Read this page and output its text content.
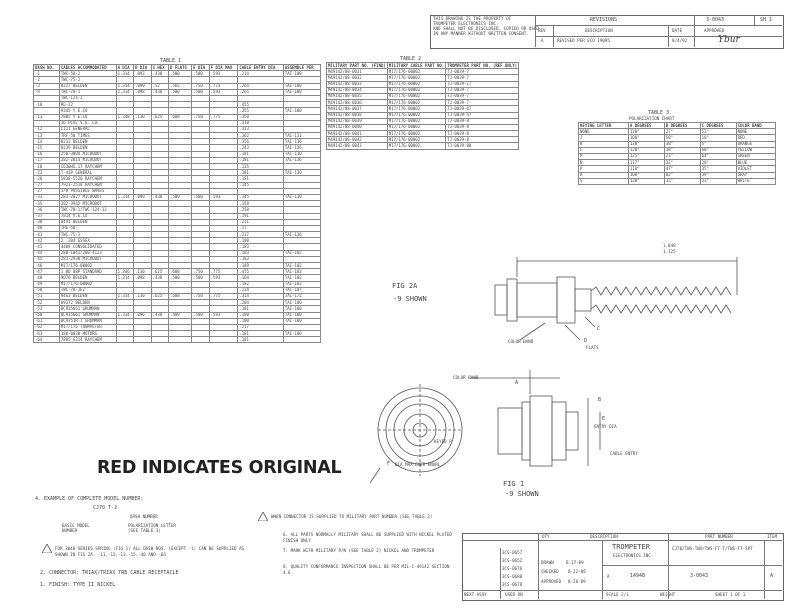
THIS DRAWING IS THE PROPERTY OF
TROMPETER ELECTRONICS INC.
AND SHALL NOT BE DISCLOSED, COPIED OR USED
IN ANY MANNER WITHOUT WRITTEN CONSENT.
REVISIONS	3-0043	SH 1
REV	DESCRIPTION	DATE	APPROVED
A	REVISED PER ECO 19095	8/4/92	Ybur
TABLE 1
DASH NO.	CABLES ACCOMMODATED	A DIA	B DIA	C HEX	D FLATS	E DIA	F DIA MAX	CABLE ENTRY DIA	ASSEMBLE PER
-1	TWC-50-2	1.314	.093	.438	.500	.500	.593	.214	TAI-100
-2	TWC-75-2								
-3	8227 BELDEN	1.314	.090	.52	.565	.750	.773	.264	TAI-100
-9	TWC-78-1	1.314	.098	.438	.500	.500	.593	.265	TAI-100
	TWC-124-2								
-10	RG-22							.455	
	9345 Y E.CO							.355	TAI-100
-11	7805 Y E.CO	1.348	.130	.625	.688	.750	.775	.350	
	16 PCVL V.E. CO.							.310	
-12	C111 GENERAL							.313	
-13	TRF-50 TIMES							.362	TAI-131
-14	8232 BELDEN							.356	TAI-136
-15	8239 BELDEN							.243	TAI-136
-16	250-3004 MICRODOT							.181	TAI-130
-17	282-2814 MICRODOT							.181	TAI-136
-18	C630H5.17 RAYCHEM							.135	
-23	T-43P GENERAL							.181	TAI-130
-26	5838-5520 RAYCHEM							.181	
-27	7923-2518 RAYCHEM							.145	
-27	1/8 POSSIBLE WAVES								
-33	283-2027 MICRODOT	1.314	.090	.438	.500	.500	.593	.145	TAI-130
-35	282-3942 MICRODOT							.158	
-36	TWC-78-1/TWC-124-13							.258	
-37	7814 V.E.CO							.191	
-38	8441 BELDEN							.211	
-40	TRE-50							.17	
-41	TWC-75-1							.217	TAI-136
-42	2 .204 ESSEX							.180	
-43	4409 CONSOLIDATED							.183	
-44	280-1041/280-4123							.183	TAI-102
-45	283-2930 MICRODOT							.183	
-46	M17/176-00002							.189	TAI-102
-47	1 0D 88P STANDARD	1.346	.130	.625	.688	.750	.775	.475	TAI-103
-48	9076 BELDEN	1.314	.098	.438	.500	.500	.593	.164	TAI-182
-49	M17/176-00002							.182	TAI-103
-50	TWC-78-1EZ							.134	TAI-107
-51	9463 BELDEN	1.314	.130	.625	.688	.750	.775	.314	TAI-172
-52	89372 BELDEN							.204	TAI-180
-53	BC935661 GRUMMAN							.181	TAI-180
-60	8C935661 GRUMMAN	1.314	.096	.438	.500	.500	.593	.180	TAI-180
-61	BC9351R-1 GRUMMAN							.180	TAI-180
-62	M17/176 TROMPETER							.217	
-63	180-0030 MOTORS							.181	TAI-180
-64	7805-6314 RAYCHEM							.181	
TABLE 2
MILITARY PART NO. (FIND)	MILITARY CABLE PART NO.	TROMPETER PART NO. (REF ONLY)
M49142/08-0031	M17/176-00002	TJ-0039-7
M49142/08-0032	M17/176-00002	TJ-0039-7
M49142/08-0033	M17/176-00002	TJ-0039-17
M49142/08-0034	M17/176-00002	TJ-0039-7
M49142/08-0035	M17/176-00002	TJ-0039-7
M49142/08-0036	M17/176-00002	TJ-0039-7
M49142/08-0037	M17/176-00002	TJ-0039-67
M49142/08-0038	M17/176-00002	TJ-0039-47
M49142/08-0039	M17/176-00002	TJ-0039-8
M49142/08-0040	M17/176-00002	TJ-0039-8
M49142/08-0041	M17/176-00002	TJ-0039-8
M49142/08-0042	M17/176-00002	TJ-0039-8
M49142/08-0043	M17/176-00002	TJ-0039-80
TABLE 3
POLARIZATION CHART
KEYING LETTER	A DEGREES	B DEGREES	C DEGREES	COLOR BAND
NONE	120°	27°	52°	NONE
J	100°	50°	10°	RED
K	130°	38°	5°	ORANGE
L	120°	38°	68°	YELLOW
M	125°	21°	64°	GREEN
N	117°	32°	28°	BLUE
P	110°	47°	35°	VIOLET
R	100°	82°	39°	GRAY
S	138°	32°	33°	WHITE
FIG 2A
-9 SHOWN
1.848
1.125
C
D
FLATS
COLOR BAND
COLOR BAND
A
B
E
ENTRY DIA
KEYED P
F DIA MAX OVER KNURL
CABLE ENTRY
FIG 1
-9 SHOWN
RED INDICATES ORIGINAL
4. EXAMPLE OF COMPLETE MODEL NUMBER:
CJ70 T-2
DASH NUMBER
BASIC MODEL
NUMBER
POLARIZATION LETTER
(SEE TABLE 3)
FOR 3040 SERIES SPRING (FIG 1) ALL DASH NOS. (EXCEPT -1) CAN BE SUPPLIED AS SHOWN IN FIG 2A. -11,-12,-13,-15,-40 AND -64
2. CONNECTOR: TRIAX/TRIAX TRB CABLE RECEPTACLE
1. FINISH: TYPE II NICKEL
WHEN CONNECTOR IS SUPPLIED TO MILITARY PART NUMBER (SEE TABLE 2)
6. ALL PARTS NORMALLY MILITARY SHALL BE SUPPLIED WITH NICKEL PLATED FINISH ONLY
7. MARK WITH MILITARY P/N (SEE TABLE 2) NICKEL AND TROMPETER
8. QUALITY CONFORMANCE INSPECTION SHALL BE PER MIL-C-49142 SECTION 4.6
QTY	DESCRIPTION	PART NUMBER	ITEM
3CS-0657
3CS-0652
3CS-0676
3CS-0680
3CS-0678
NEXT ASSY	USED ON
DRAWN	B-17-89
CHECKED 8-22-89
APPROVED 8-28-89
TROMPETER
ELECTRONICS INC.
CJ70/TWS-TWX/TWS-FT-T/TWS-FT-SPT
A	14948	3-0043	A
SCALE 2/1	WEIGHT	SHEET 1 OF 1
